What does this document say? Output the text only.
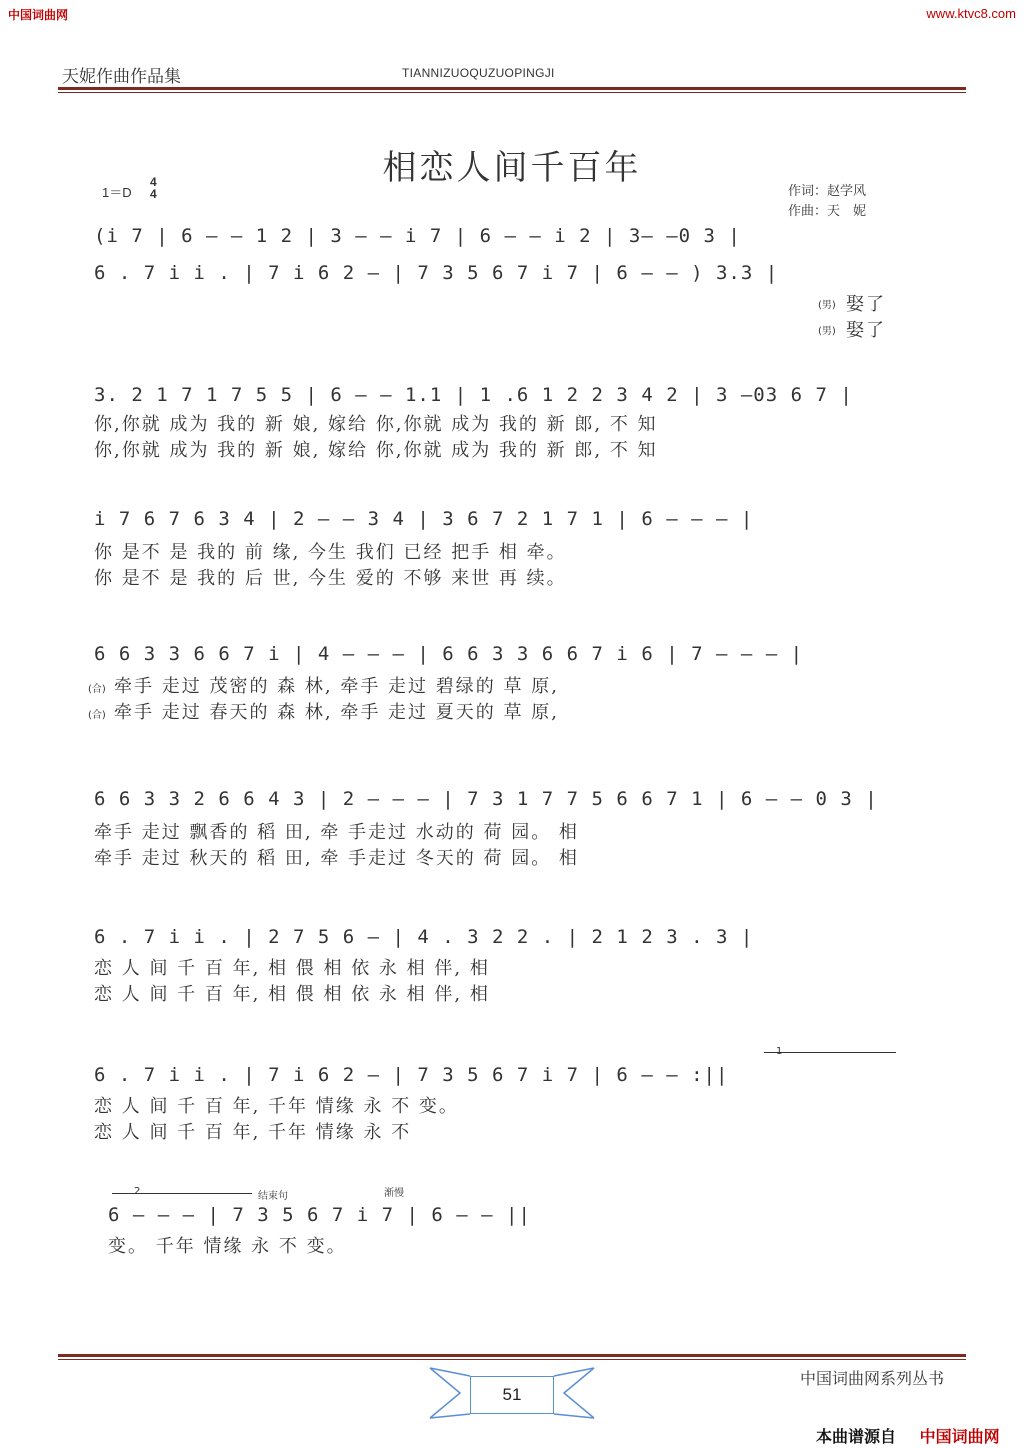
中国词曲网	www.ktvc8.com
天妮作曲作品集	TIANNIZUOQUZUOPINGJI
相恋人间千百年
1＝D
4
4	作词：赵学风
作曲：天　妮
(i 7 | 6 — — 1 2 | 3 — — i 7 | 6 — — i 2 | 3— —0 3 |
6 . 7 i i . | 7 i 6 2 — | 7 3 5 6 7 i 7 | 6 — — ) 3.3 |
(男) 娶了
(男) 娶了
3. 2 1 7 1 7 5 5 | 6 — — 1.1 | 1 .6 1 2 2 3 4 2 | 3 —03 6 7 |
你,你就 成为 我的 新 娘, 嫁给 你,你就 成为 我的 新 郎, 不 知
你,你就 成为 我的 新 娘, 嫁给 你,你就 成为 我的 新 郎, 不 知
i 7 6 7 6 3 4 | 2 — — 3 4 | 3 6 7 2 1 7 1 | 6 — — — |
你 是不 是 我的 前 缘, 今生 我们 已经 把手 相 牵。
你 是不 是 我的 后 世, 今生 爱的 不够 来世 再 续。
6 6 3 3 6 6 7 i | 4 — — — | 6 6 3 3 6 6 7 i 6 | 7 — — — |
(合) 牵手 走过 茂密的 森 林, 牵手 走过 碧绿的 草 原,
(合) 牵手 走过 春天的 森 林, 牵手 走过 夏天的 草 原,
6 6 3 3 2 6 6 4 3 | 2 — — — | 7 3 1 7 7 5 6 6 7 1 | 6 — — 0 3 |
牵手 走过 飘香的 稻 田, 牵 手走过 水动的 荷 园。 相
牵手 走过 秋天的 稻 田, 牵 手走过 冬天的 荷 园。 相
6 . 7 i i . | 2 7 5 6 — | 4 . 3 2 2 . | 2 1 2 3 . 3 |
恋 人 间 千 百 年, 相 偎 相 依 永 相 伴, 相
恋 人 间 千 百 年, 相 偎 相 依 永 相 伴, 相
1
6 . 7 i i . | 7 i 6 2 — | 7 3 5 6 7 i 7 | 6 — — :||
恋 人 间 千 百 年, 千年 情缘 永 不 变。
恋 人 间 千 百 年, 千年 情缘 永 不
2	结束句	渐慢
6 — — — | 7 3 5 6 7 i 7 | 6 — — ||
变。 千年 情缘 永 不 变。
中国词曲网系列丛书
51
本曲谱源自 中国词曲网
